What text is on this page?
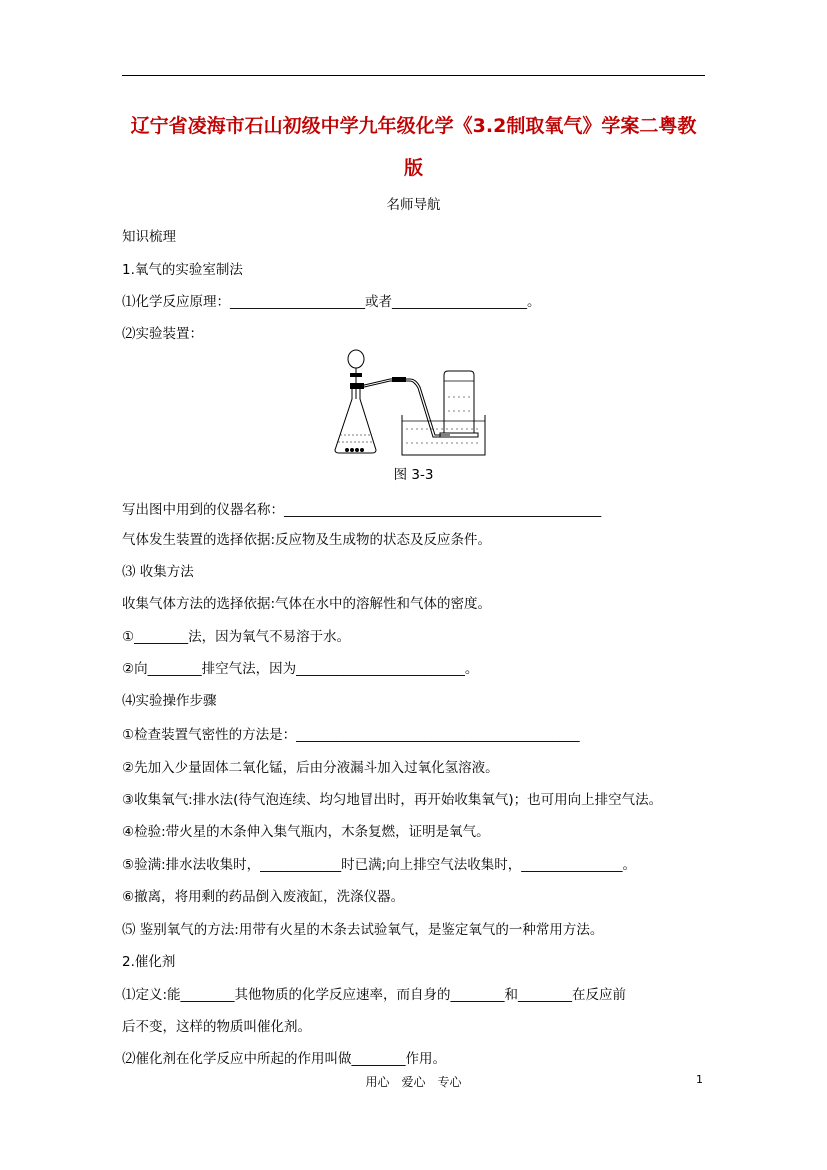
辽宁省凌海市石山初级中学九年级化学《3.2制取氧气》学案二粤教
版
名师导航
知识梳理
1.氧气的实验室制法
⑴化学反应原理：____________________或者____________________。
⑵实验装置：
图 3-3
写出图中用到的仪器名称：_______________________________________________
气体发生装置的选择依据:反应物及生成物的状态及反应条件。
⑶ 收集方法
收集气体方法的选择依据:气体在水中的溶解性和气体的密度。
①________法，因为氧气不易溶于水。
②向________排空气法，因为_________________________。
⑷实验操作步骤
①检查装置气密性的方法是：__________________________________________
②先加入少量固体二氧化锰，后由分液漏斗加入过氧化氢溶液。
③收集氧气:排水法(待气泡连续、均匀地冒出时，再开始收集氧气)；也可用向上排空气法。
④检验:带火星的木条伸入集气瓶内，木条复燃，证明是氧气。
⑤验满:排水法收集时，____________时已满;向上排空气法收集时，_______________。
⑥撤离，将用剩的药品倒入废液缸，洗涤仪器。
⑸ 鉴别氧气的方法:用带有火星的木条去试验氧气，是鉴定氧气的一种常用方法。
2.催化剂
⑴定义:能________其他物质的化学反应速率，而自身的________和________在反应前
后不变，这样的物质叫催化剂。
⑵催化剂在化学反应中所起的作用叫做________作用。
用心　爱心　专心	1
